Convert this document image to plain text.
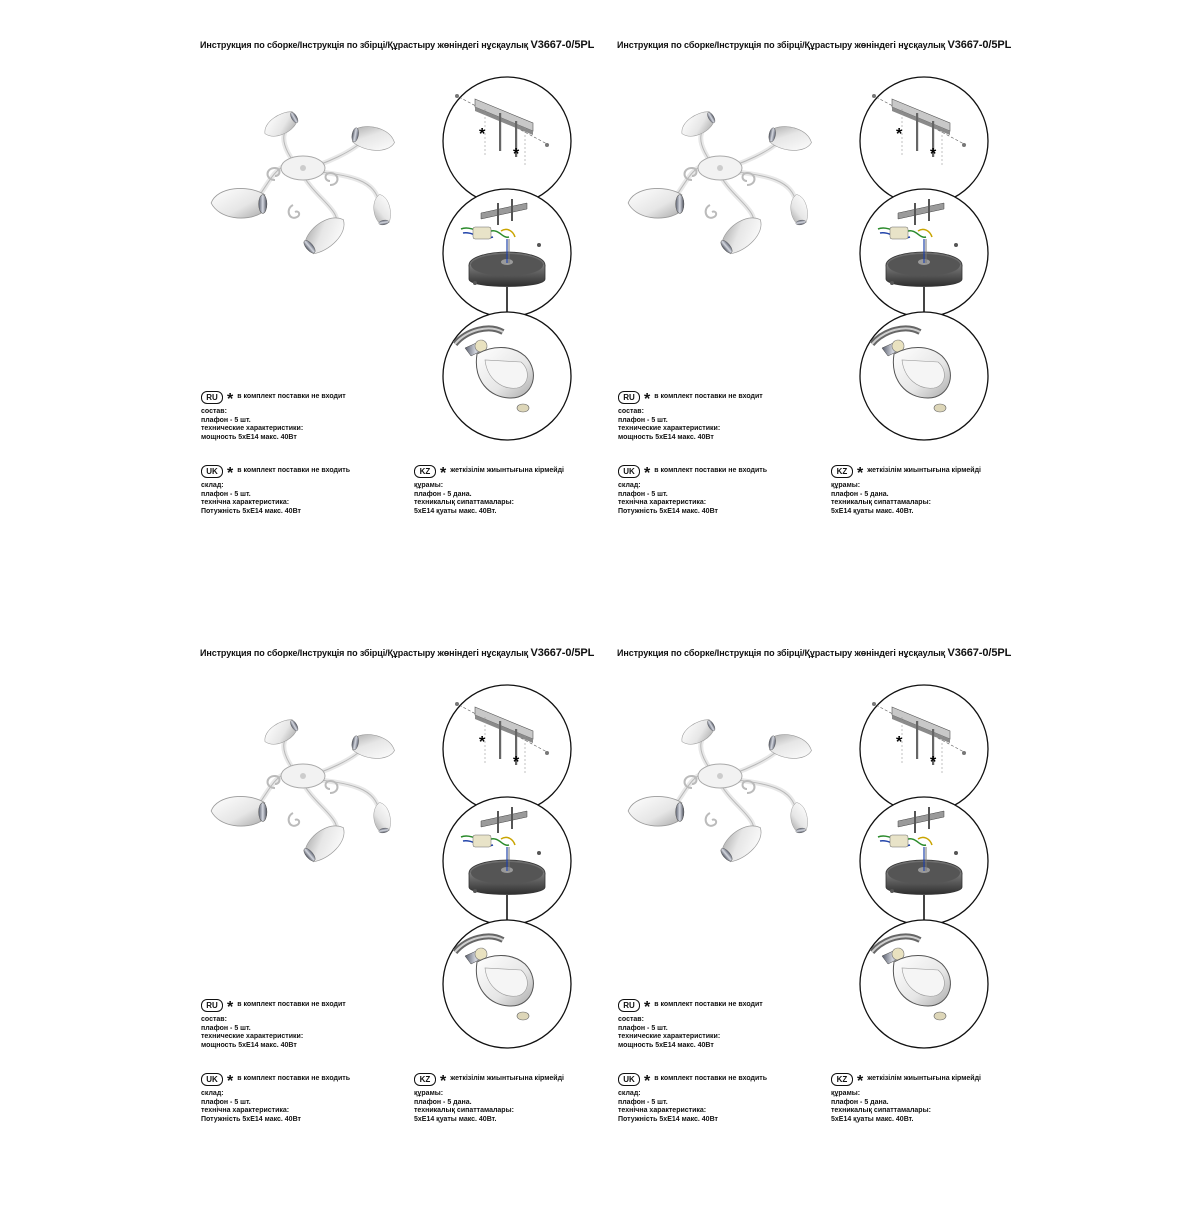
Инструкция по сборке/Інструкція по збірці/Құрастыру жөніндегі нұсқаулық V3667-0/5PL
RU * в комплект поставки не входит
состав:
плафон - 5 шт.
технические характеристики:
мощность 5хЕ14 макс. 40Вт
UK * в комплект поставки не входить
склад:
плафон - 5 шт.
технічна характеристика:
Потужність 5хЕ14 макс. 40Вт
KZ * жеткізілім жиынтығына кірмейді
құрамы:
плафон - 5 дана.
техникалық сипаттамалары:
5хЕ14 қуаты макс. 40Вт.
Инструкция по сборке/Інструкція по збірці/Құрастыру жөніндегі нұсқаулық V3667-0/5PL
RU * в комплект поставки не входит
состав:
плафон - 5 шт.
технические характеристики:
мощность 5хЕ14 макс. 40Вт
UK * в комплект поставки не входить
склад:
плафон - 5 шт.
технічна характеристика:
Потужність 5хЕ14 макс. 40Вт
KZ * жеткізілім жиынтығына кірмейді
құрамы:
плафон - 5 дана.
техникалық сипаттамалары:
5хЕ14 қуаты макс. 40Вт.
Инструкция по сборке/Інструкція по збірці/Құрастыру жөніндегі нұсқаулық V3667-0/5PL
RU * в комплект поставки не входит
состав:
плафон - 5 шт.
технические характеристики:
мощность 5хЕ14 макс. 40Вт
UK * в комплект поставки не входить
склад:
плафон - 5 шт.
технічна характеристика:
Потужність 5хЕ14 макс. 40Вт
KZ * жеткізілім жиынтығына кірмейді
құрамы:
плафон - 5 дана.
техникалық сипаттамалары:
5хЕ14 қуаты макс. 40Вт.
Инструкция по сборке/Інструкція по збірці/Құрастыру жөніндегі нұсқаулық V3667-0/5PL
RU * в комплект поставки не входит
состав:
плафон - 5 шт.
технические характеристики:
мощность 5хЕ14 макс. 40Вт
UK * в комплект поставки не входить
склад:
плафон - 5 шт.
технічна характеристика:
Потужність 5хЕ14 макс. 40Вт
KZ * жеткізілім жиынтығына кірмейді
құрамы:
плафон - 5 дана.
техникалық сипаттамалары:
5хЕ14 қуаты макс. 40Вт.
